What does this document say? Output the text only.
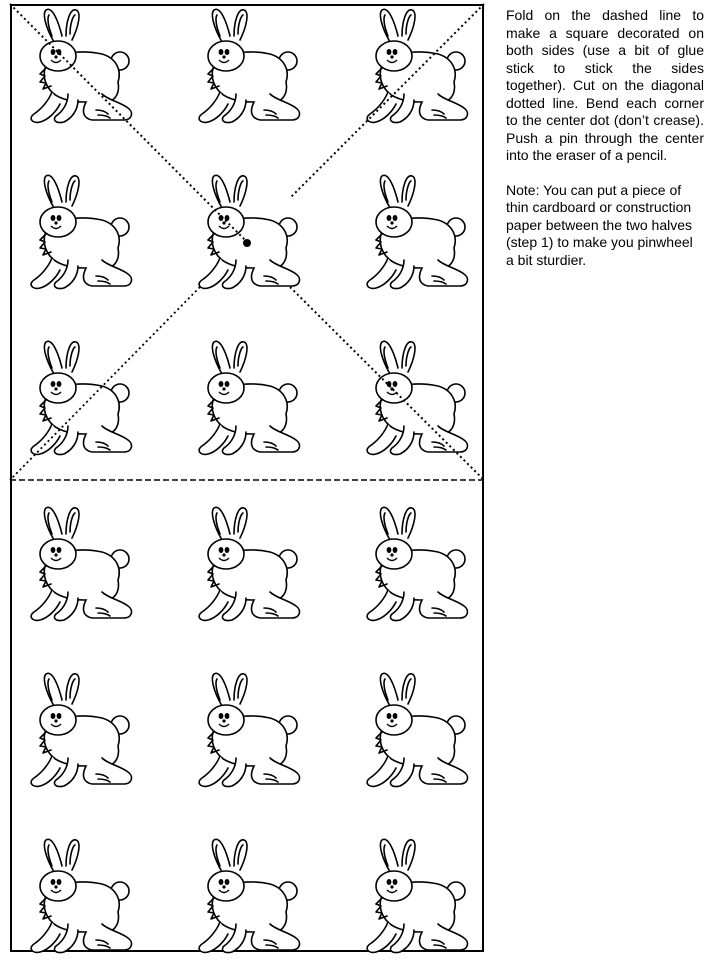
Fold on the dashed line to make a square decorated on both sides (use a bit of glue stick to stick the sides together). Cut on the diagonal dotted line. Bend each corner to the center dot (don’t crease). Push a pin through the center into the eraser of a pencil.

Note: You can put a piece of thin cardboard or construction paper between the two halves (step 1) to make you pinwheel a bit sturdier.
